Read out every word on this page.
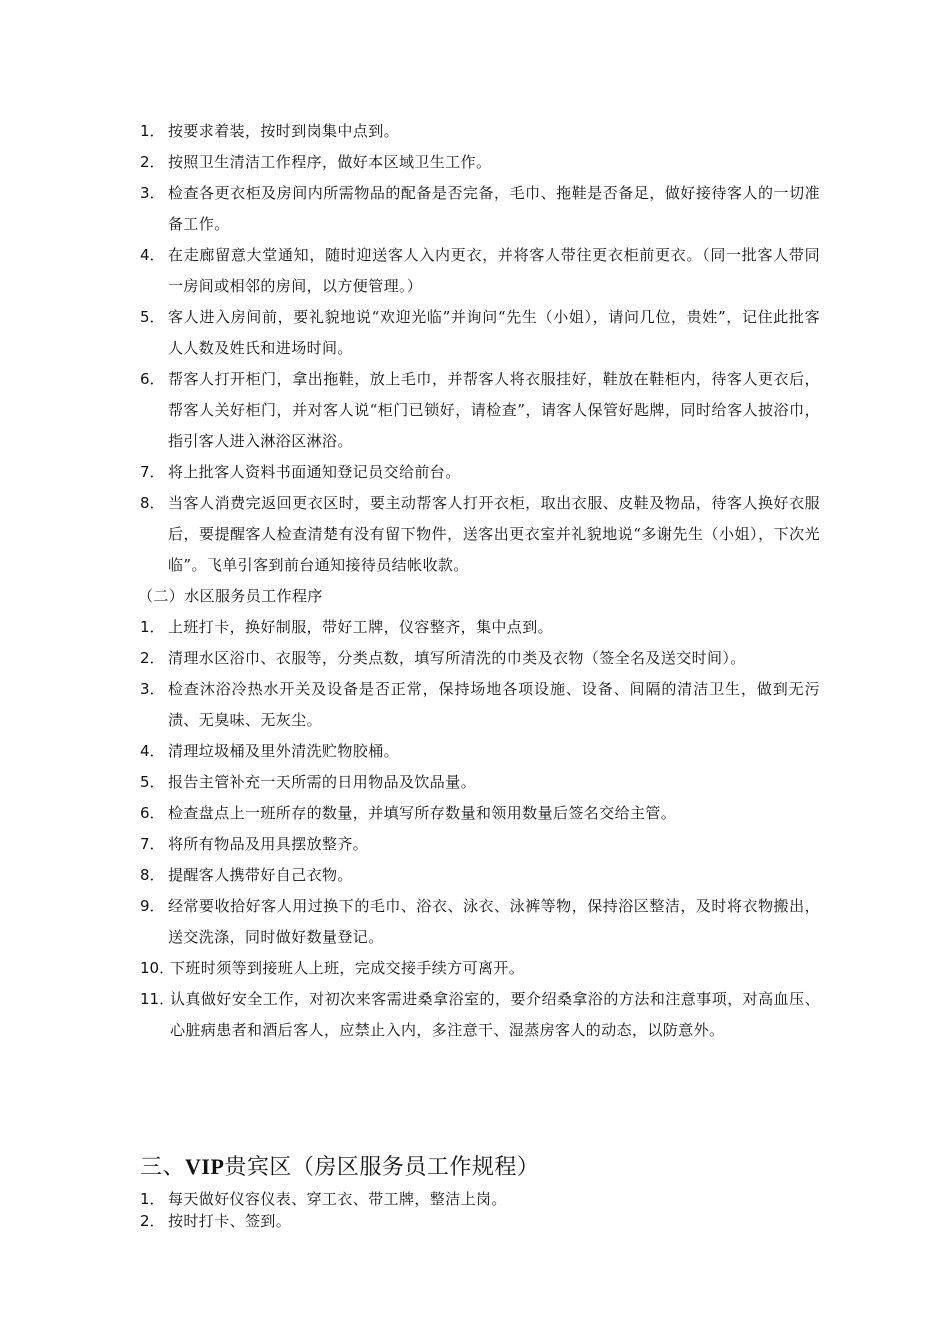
1． 按要求着装，按时到岗集中点到。
2． 按照卫生清洁工作程序，做好本区域卫生工作。
3． 检查各更衣柜及房间内所需物品的配备是否完备，毛巾、拖鞋是否备足，做好接待客人的一切准备工作。
4． 在走廊留意大堂通知，随时迎送客人入内更衣，并将客人带往更衣柜前更衣。（同一批客人带同一房间或相邻的房间，以方便管理。）
5． 客人进入房间前，要礼貌地说“欢迎光临”并询问“先生（小姐），请问几位，贵姓”，记住此批客人人数及姓氏和进场时间。
6． 帮客人打开柜门，拿出拖鞋，放上毛巾，并帮客人将衣服挂好，鞋放在鞋柜内，待客人更衣后，帮客人关好柜门，并对客人说“柜门已锁好，请检查”，请客人保管好匙牌，同时给客人披浴巾，指引客人进入淋浴区淋浴。
7． 将上批客人资料书面通知登记员交给前台。
8． 当客人消费完返回更衣区时，要主动帮客人打开衣柜，取出衣服、皮鞋及物品，待客人换好衣服后，要提醒客人检查清楚有没有留下物件，送客出更衣室并礼貌地说“多谢先生（小姐），下次光临”。飞单引客到前台通知接待员结帐收款。
（二）水区服务员工作程序
1． 上班打卡，换好制服，带好工牌，仪容整齐，集中点到。
2． 清理水区浴巾、衣服等，分类点数，填写所清洗的巾类及衣物（签全名及送交时间）。
3． 检查沐浴冷热水开关及设备是否正常，保持场地各项设施、设备、间隔的清洁卫生，做到无污渍、无臭味、无灰尘。
4． 清理垃圾桶及里外清洗贮物胶桶。
5． 报告主管补充一天所需的日用物品及饮品量。
6． 检查盘点上一班所存的数量，并填写所存数量和领用数量后签名交给主管。
7． 将所有物品及用具摆放整齐。
8． 提醒客人携带好自己衣物。
9． 经常要收拾好客人用过换下的毛巾、浴衣、泳衣、泳裤等物，保持浴区整洁，及时将衣物搬出，送交洗涤，同时做好数量登记。
10．
下班时须等到接班人上班，完成交接手续方可离开。
11．
认真做好安全工作，对初次来客需进桑拿浴室的，要介绍桑拿浴的方法和注意事项，对高血压、心脏病患者和酒后客人，应禁止入内，多注意干、湿蒸房客人的动态，以防意外。
三、VIP贵宾区（房区服务员工作规程）
1． 每天做好仪容仪表、穿工衣、带工牌，整洁上岗。
2． 按时打卡、签到。
